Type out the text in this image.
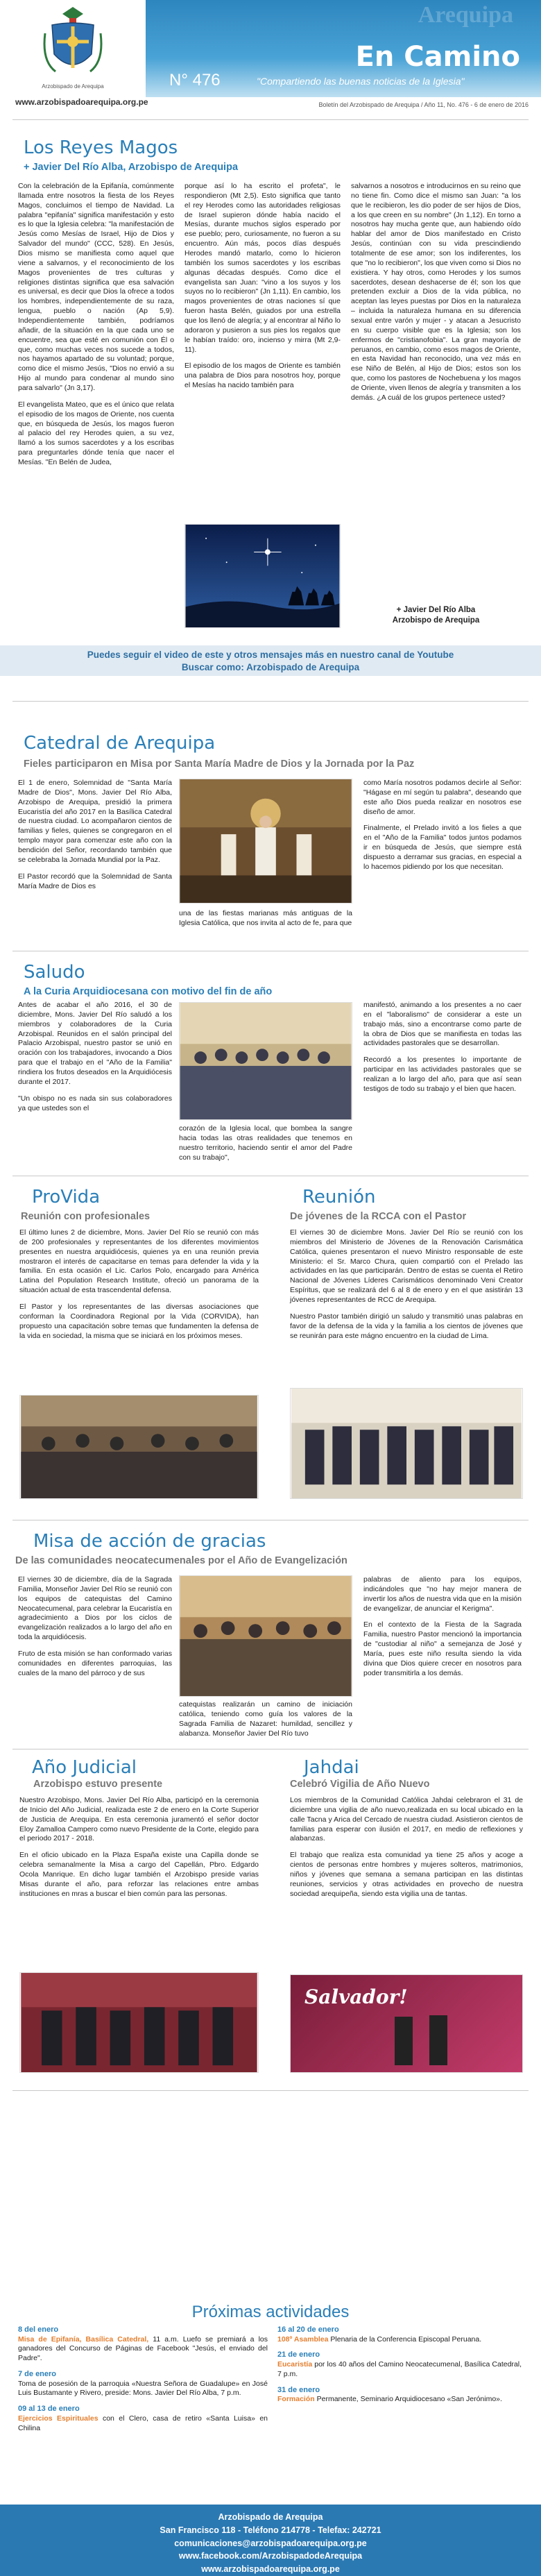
Arzobispado de Arequipa
www.arzobispadoarequipa.org.pe
Arequipa
En Camino
N° 476	"Compartiendo las buenas noticias de la Iglesia"
Boletín del Arzobispado de Arequipa / Año 11, No. 476 - 6 de enero de 2016
Los Reyes Magos
+ Javier Del Río Alba, Arzobispo de Arequipa

Con la celebración de la Epifanía, comúnmente llamada entre nosotros la fiesta de los Reyes Magos, concluimos el tiempo de Navidad. La palabra "epifanía" significa manifestación y esto es lo que la Iglesia celebra: "la manifestación de Jesús como Mesías de Israel, Hijo de Dios y Salvador del mundo" (CCC, 528). En Jesús, Dios mismo se manifiesta como aquel que viene a salvarnos, y el reconocimiento de los Magos provenientes de tres culturas y religiones distintas significa que esa salvación es universal, es decir que Dios la ofrece a todos los hombres, independientemente de su raza, lengua, pueblo o nación (Ap 5,9). Independientemente también, podríamos añadir, de la situación en la que cada uno se encuentre, sea que esté en comunión con Él o que, como muchas veces nos sucede a todos, nos hayamos apartado de su voluntad; porque, como dice el mismo Jesús, "Dios no envió a su Hijo al mundo para condenar al mundo sino para salvarlo" (Jn 3,17).

El evangelista Mateo, que es el único que relata el episodio de los magos de Oriente, nos cuenta que, en búsqueda de Jesús, los magos fueron al palacio del rey Herodes quien, a su vez, llamó a los sumos sacerdotes y a los escribas para preguntarles dónde tenía que nacer el Mesías. "En Belén de Judea,

porque así lo ha escrito el profeta", le respondieron (Mt 2,5). Esto significa que tanto el rey Herodes como las autoridades religiosas de Israel supieron dónde había nacido el Mesías, durante muchos siglos esperado por ese pueblo; pero, curiosamente, no fueron a su encuentro. Aún más, pocos días después Herodes mandó matarlo, como lo hicieron también los sumos sacerdotes y los escribas algunas décadas después. Como dice el evangelista san Juan: "vino a los suyos y los suyos no lo recibieron" (Jn 1,11). En cambio, los magos provenientes de otras naciones sí que fueron hasta Belén, guiados por una estrella que los llenó de alegría; y al encontrar al Niño lo adoraron y pusieron a sus pies los regalos que le habían traído: oro, incienso y mirra (Mt 2,9-11).

El episodio de los magos de Oriente es también una palabra de Dios para nosotros hoy, porque el Mesías ha nacido también para

salvarnos a nosotros e introducirnos en su reino que no tiene fin. Como dice el mismo san Juan: "a los que le recibieron, les dio poder de ser hijos de Dios, a los que creen en su nombre" (Jn 1,12). En torno a nosotros hay mucha gente que, aun habiendo oído hablar del amor de Dios manifestado en Cristo Jesús, continúan con su vida prescindiendo totalmente de ese amor; son los indiferentes, los que "no lo recibieron", los que viven como si Dios no existiera. Y hay otros, como Herodes y los sumos sacerdotes, desean deshacerse de él; son los que pretenden excluir a Dios de la vida pública, no aceptan las leyes puestas por Dios en la naturaleza – incluida la naturaleza humana en su diferencia sexual entre varón y mujer - y atacan a Jesucristo en su cuerpo visible que es la Iglesia; son los enfermos de "cristianofobia". La gran mayoría de peruanos, en cambio, como esos magos de Oriente, en esta Navidad han reconocido, una vez más en ese Niño de Belén, al Hijo de Dios; estos son los que, como los pastores de Nochebuena y los magos de Oriente, viven llenos de alegría y transmiten a los demás. ¿A cuál de los grupos pertenece usted?

+ Javier Del Río Alba
Arzobispo de Arequipa
Puedes seguir el video de este y otros mensajes más en nuestro canal de Youtube
Buscar como: Arzobispado de Arequipa
Catedral de Arequipa
Fieles participaron en Misa por Santa María Madre de Dios y la Jornada por la Paz

El 1 de enero, Solemnidad de "Santa María Madre de Dios", Mons. Javier Del Río Alba, Arzobispo de Arequipa, presidió la primera Eucaristía del año 2017 en la Basílica Catedral de nuestra ciudad. Lo acompañaron cientos de familias y fieles, quienes se congregaron en el templo mayor para comenzar este año con la bendición del Señor, recordando también que se celebraba la Jornada Mundial por la Paz.

El Pastor recordó que la Solemnidad de Santa María Madre de Dios es

una de las fiestas marianas más antiguas de la Iglesia Católica, que nos invita al acto de fe, para que

como María nosotros podamos decirle al Señor: "Hágase en mí según tu palabra", deseando que este año Dios pueda realizar en nosotros ese diseño de amor.

Finalmente, el Prelado invitó a los fieles a que en el "Año de la Familia" todos juntos podamos ir en búsqueda de Jesús, que siempre está dispuesto a derramar sus gracias, en especial a lo hacemos pidiendo por los que necesitan.

Saludo
A la Curia Arquidiocesana con motivo del fin de año

Antes de acabar el año 2016, el 30 de diciembre, Mons. Javier Del Río saludó a los miembros y colaboradores de la Curia Arzobispal. Reunidos en el salón principal del Palacio Arzobispal, nuestro pastor se unió en oración con los trabajadores, invocando a Dios para que el trabajo en el "Año de la Familia" rindiera los frutos deseados en la Arquidiócesis durante el 2017.

"Un obispo no es nada sin sus colaboradores ya que ustedes son el

corazón de la Iglesia local, que bombea la sangre hacia todas las otras realidades que tenemos en nuestro territorio, haciendo sentir el amor del Padre con su trabajo",

manifestó, animando a los presentes a no caer en el "laboralismo" de considerar a este un trabajo más, sino a encontrarse como parte de la obra de Dios que se manifiesta en todas las actividades pastorales que se desarrollan.

Recordó a los presentes lo importante de participar en las actividades pastorales que se realizan a lo largo del año, para que así sean testigos de todo su trabajo y el bien que hacen.

ProVida
Reunión con profesionales

El último lunes 2 de diciembre, Mons. Javier Del Río se reunió con más de 200 profesionales y representantes de los diferentes movimientos presentes en nuestra arquidiócesis, quienes ya en una reunión previa mostraron el interés de capacitarse en temas para defender la vida y la familia. En esta ocasión el Lic. Carlos Polo, encargado para América Latina del Population Research Institute, ofreció un panorama de la situación actual de esta trascendental defensa.

El Pastor y los representantes de las diversas asociaciones que conforman la Coordinadora Regional por la Vida (CORVIDA), han propuesto una capacitación sobre temas que fundamenten la defensa de la vida en sociedad, la misma que se iniciará en los próximos meses.

Reunión
De jóvenes de la RCCA con el Pastor

El viernes 30 de diciembre Mons. Javier Del Río se reunió con los miembros del Ministerio de Jóvenes de la Renovación Carismática Católica, quienes presentaron el nuevo Ministro responsable de este Ministerio: el Sr. Marco Chura, quien compartió con el Prelado las actividades en las que participarán. Dentro de estas se cuenta el Retiro Nacional de Jóvenes Líderes Carismáticos denominado Veni Creator Espíritus, que se realizará del 6 al 8 de enero y en el que asistirán 13 jóvenes representantes de RCC de Arequipa.

Nuestro Pastor también dirigió un saludo y transmitió unas palabras en favor de la defensa de la vida y la familia a los cientos de jóvenes que se reunirán para este mágno encuentro en la ciudad de Lima.

Misa de acción de gracias
De las comunidades neocatecumenales por el Año de Evangelización

El viernes 30 de diciembre, día de la Sagrada Familia, Monseñor Javier Del Río se reunió con los equipos de catequistas del Camino Neocatecumenal, para celebrar la Eucaristía en agradecimiento a Dios por los ciclos de evangelización realizados a lo largo del año en toda la arquidiócesis.

Fruto de esta misión se han conformado varias comunidades en diferentes parroquias, las cuales de la mano del párroco y de sus

catequistas realizarán un camino de iniciación católica, teniendo como guía los valores de la Sagrada Familia de Nazaret: humildad, sencillez y alabanza. Monseñor Javier Del Río tuvo

palabras de aliento para los equipos, indicándoles que "no hay mejor manera de invertir los años de nuestra vida que en la misión de evangelizar, de anunciar el Kerigma".

En el contexto de la Fiesta de la Sagrada Familia, nuestro Pastor mencionó la importancia de "custodiar al niño" a semejanza de José y María, pues este niño resulta siendo la vida divina que Dios quiere crecer en nosotros para poder transmitirla a los demás.

Año Judicial
Arzobispo estuvo presente

Nuestro Arzobispo, Mons. Javier Del Río Alba, participó en la ceremonia de Inicio del Año Judicial, realizada este 2 de enero en la Corte Superior de Justicia de Arequipa. En esta ceremonia juramentó el señor doctor Eloy Zamalloa Campero como nuevo Presidente de la Corte, elegido para el periodo 2017 - 2018.

En el oficio ubicado en la Plaza España existe una Capilla donde se celebra semanalmente la Misa a cargo del Capellán, Pbro. Edgardo Ocola Manrique. En dicho lugar también el Arzobispo preside varias Misas durante el año, para reforzar las relaciones entre ambas instituciones en mras a buscar el bien común para las personas.

Jahdai
Celebró Vigilia de Año Nuevo

Los miembros de la Comunidad Católica Jahdai celebraron el 31 de diciembre una vigilia de año nuevo,realizada en su local ubicado en la calle Tacna y Arica del Cercado de nuestra ciudad. Asistieron cientos de familias para esperar con ilusión el 2017, en medio de reflexiones y alabanzas.

El trabajo que realiza esta comunidad ya tiene 25 años y acoge a cientos de personas entre hombres y mujeres solteros, matrimonios, niños y jóvenes que semana a semana participan en las distintas reuniones, servicios y otras actividades en provecho de nuestra sociedad arequipeña, siendo esta vigilia una de tantas.

Salvador!
Próximas actividades
8 del enero
Misa de Epifanía, Basílica Catedral, 11 a.m. Luefo se premiará a los ganadores del Concurso de Páginas de Facebook "Jesús, el enviado del Padre".
7 de enero
Toma de posesión de la parroquia «Nuestra Señora de Guadalupe» en José Luis Bustamante y Rivero, preside: Mons. Javier Del Río Alba, 7 p.m.
09 al 13 de enero
Ejercicios Espirituales con el Clero, casa de retiro «Santa Luisa» en Chilina
16 al 20 de enero
108º Asamblea Plenaria de la Conferencia Episcopal Peruana.
21 de enero
Eucaristía por los 40 años del Camino Neocatecumenal, Basílica Catedral, 7 p.m.
31 de enero
Formación Permanente, Seminario Arquidiocesano «San Jerónimo».
Arzobispado de Arequipa
San Francisco 118 - Teléfono 214778 - Telefax: 242721
comunicaciones@arzobispadoarequipa.org.pe
www.facebook.com/ArzobispadodeArequipa
www.arzobispadoarequipa.org.pe
